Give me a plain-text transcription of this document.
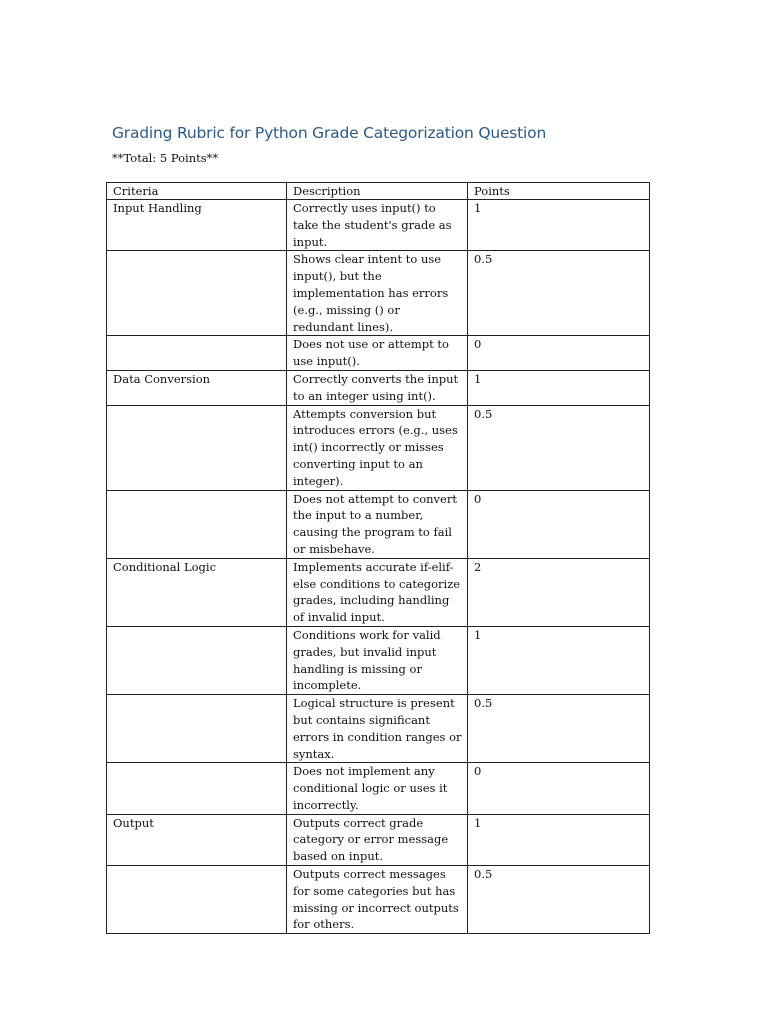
Grading Rubric for Python Grade Categorization Question

**Total: 5 Points**

Criteria	Description	Points
Input Handling	Correctly uses input() to take the student's grade as input.	1
	Shows clear intent to use input(), but the implementation has errors (e.g., missing () or redundant lines).	0.5
	Does not use or attempt to use input().	0
Data Conversion	Correctly converts the input to an integer using int().	1
	Attempts conversion but introduces errors (e.g., uses int() incorrectly or misses converting input to an integer).	0.5
	Does not attempt to convert the input to a number, causing the program to fail or misbehave.	0
Conditional Logic	Implements accurate if-elif-else conditions to categorize grades, including handling of invalid input.	2
	Conditions work for valid grades, but invalid input handling is missing or incomplete.	1
	Logical structure is present but contains significant errors in condition ranges or syntax.	0.5
	Does not implement any conditional logic or uses it incorrectly.	0
Output	Outputs correct grade category or error message based on input.	1
	Outputs correct messages for some categories but has missing or incorrect outputs for others.	0.5
